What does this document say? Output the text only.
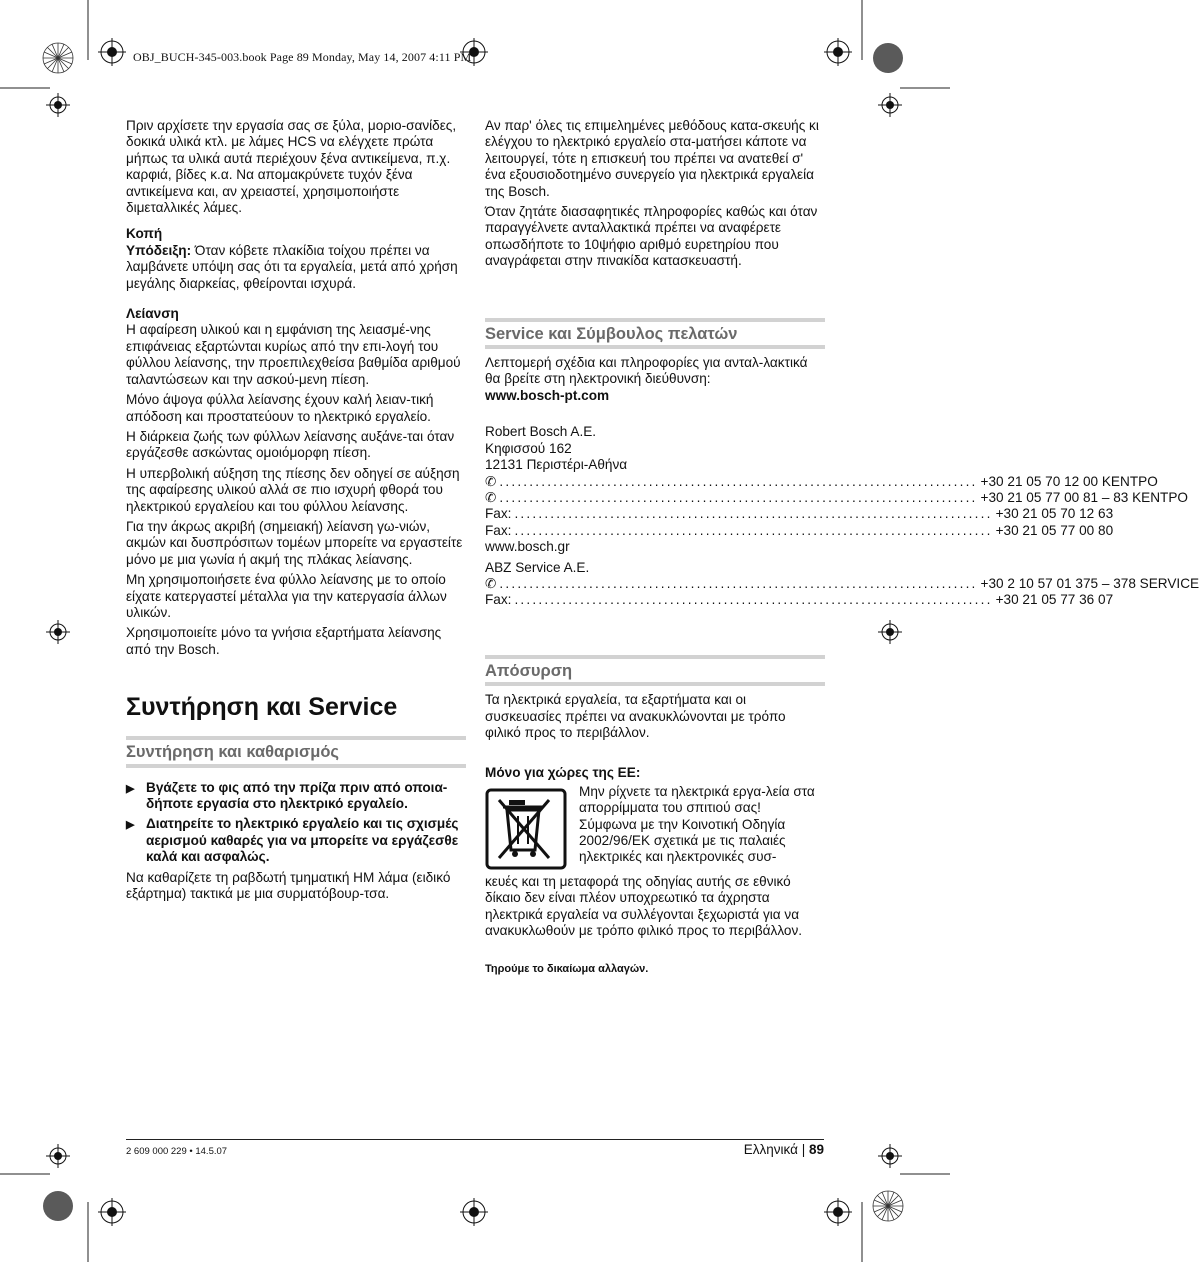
OBJ_BUCH-345-003.book Page 89 Monday, May 14, 2007 4:11 PM

Πριν αρχίσετε την εργασία σας σε ξύλα, μοριο-σανίδες, δοκικά υλικά κτλ. με λάμες HCS να ελέγχετε πρώτα μήπως τα υλικά αυτά περιέχουν ξένα αντικείμενα, π.χ. καρφιά, βίδες κ.α. Να απομακρύνετε τυχόν ξένα αντικείμενα και, αν χρειαστεί, χρησιμοποιήστε διμεταλλικές λάμες.

Κοπή

Υπόδειξη: Όταν κόβετε πλακίδια τοίχου πρέπει να λαμβάνετε υπόψη σας ότι τα εργαλεία, μετά από χρήση μεγάλης διαρκείας, φθείρονται ισχυρά.

Λείανση

Η αφαίρεση υλικού και η εμφάνιση της λειασμέ-νης επιφάνειας εξαρτώνται κυρίως από την επι-λογή του φύλλου λείανσης, την προεπιλεχθείσα βαθμίδα αριθμού ταλαντώσεων και την ασκού-μενη πίεση.

Μόνο άψογα φύλλα λείανσης έχουν καλή λειαν-τική απόδοση και προστατεύουν το ηλεκτρικό εργαλείο.

Η διάρκεια ζωής των φύλλων λείανσης αυξάνε-ται όταν εργάζεσθε ασκώντας ομοιόμορφη πίεση.

Η υπερβολική αύξηση της πίεσης δεν οδηγεί σε αύξηση της αφαίρεσης υλικού αλλά σε πιο ισχυρή φθορά του ηλεκτρικού εργαλείου και του φύλλου λείανσης.

Για την άκρως ακριβή (σημειακή) λείανση γω-νιών, ακμών και δυσπρόσιτων τομέων μπορείτε να εργαστείτε μόνο με μια γωνία ή ακμή της πλάκας λείανσης.

Μη χρησιμοποιήσετε ένα φύλλο λείανσης με το οποίο είχατε κατεργαστεί μέταλλα για την κατεργασία άλλων υλικών.

Χρησιμοποιείτε μόνο τα γνήσια εξαρτήματα λείανσης από την Bosch.

Συντήρηση και Service
Συντήρηση και καθαρισμός
▶ Βγάζετε το φις από την πρίζα πριν από οποια-δήποτε εργασία στο ηλεκτρικό εργαλείο.
▶ Διατηρείτε το ηλεκτρικό εργαλείο και τις σχισμές αερισμού καθαρές για να μπορείτε να εργάζεσθε καλά και ασφαλώς.

Να καθαρίζετε τη ραβδωτή τμηματική HM λάμα (ειδικό εξάρτημα) τακτικά με μια συρματόβουρ-τσα.

Αν παρ' όλες τις επιμελημένες μεθόδους κατα-σκευής κι ελέγχου το ηλεκτρικό εργαλείο στα-ματήσει κάποτε να λειτουργεί, τότε η επισκευή του πρέπει να ανατεθεί σ' ένα εξουσιοδοτημένο συνεργείο για ηλεκτρικά εργαλεία της Bosch.

Όταν ζητάτε διασαφητικές πληροφορίες καθώς και όταν παραγγέλνετε ανταλλακτικά πρέπει να αναφέρετε οπωσδήποτε το 10ψήφιο αριθμό ευρετηρίου που αναγράφεται στην πινακίδα κατασκευαστή.

Service και Σύμβουλος πελατών

Λεπτομερή σχέδια και πληροφορίες για ανταλ-λακτικά θα βρείτε στη ηλεκτρονική διεύθυνση:

www.bosch-pt.com

Robert Bosch A.E.

Κηφισσού 162

12131 Περιστέρι-Αθήνα

✆ ................................................................................ +30 21 05 70 12 00 ΚΕΝΤΡΟ
✆ ................................................................................ +30 21 05 77 00 81 – 83 ΚΕΝΤΡΟ
Fax: ................................................................................ +30 21 05 70 12 63
Fax: ................................................................................ +30 21 05 77 00 80

www.bosch.gr

ABZ Service A.E.

✆ ................................................................................ +30 2 10 57 01 375 – 378 SERVICE
Fax: ................................................................................ +30 21 05 77 36 07
Απόσυρση

Τα ηλεκτρικά εργαλεία, τα εξαρτήματα και οι συσκευασίες πρέπει να ανακυκλώνονται με τρόπο φιλικό προς το περιβάλλον.

Μόνο για χώρες της ΕΕ:

Μην ρίχνετε τα ηλεκτρικά εργα-λεία στα απορρίμματα του σπιτιού σας!

Σύμφωνα με την Κοινοτική Οδηγία 2002/96/ΕΚ σχετικά με τις παλαιές ηλεκτρικές και ηλεκτρονικές συσ-

κευές και τη μεταφορά της οδηγίας αυτής σε εθνικό δίκαιο δεν είναι πλέον υποχρεωτικό τα άχρηστα ηλεκτρικά εργαλεία να συλλέγονται ξεχωριστά για να ανακυκλωθούν με τρόπο φιλικό προς το περιβάλλον.

Τηρούμε το δικαίωμα αλλαγών.

2 609 000 229 • 14.5.07	Ελληνικά | 89
